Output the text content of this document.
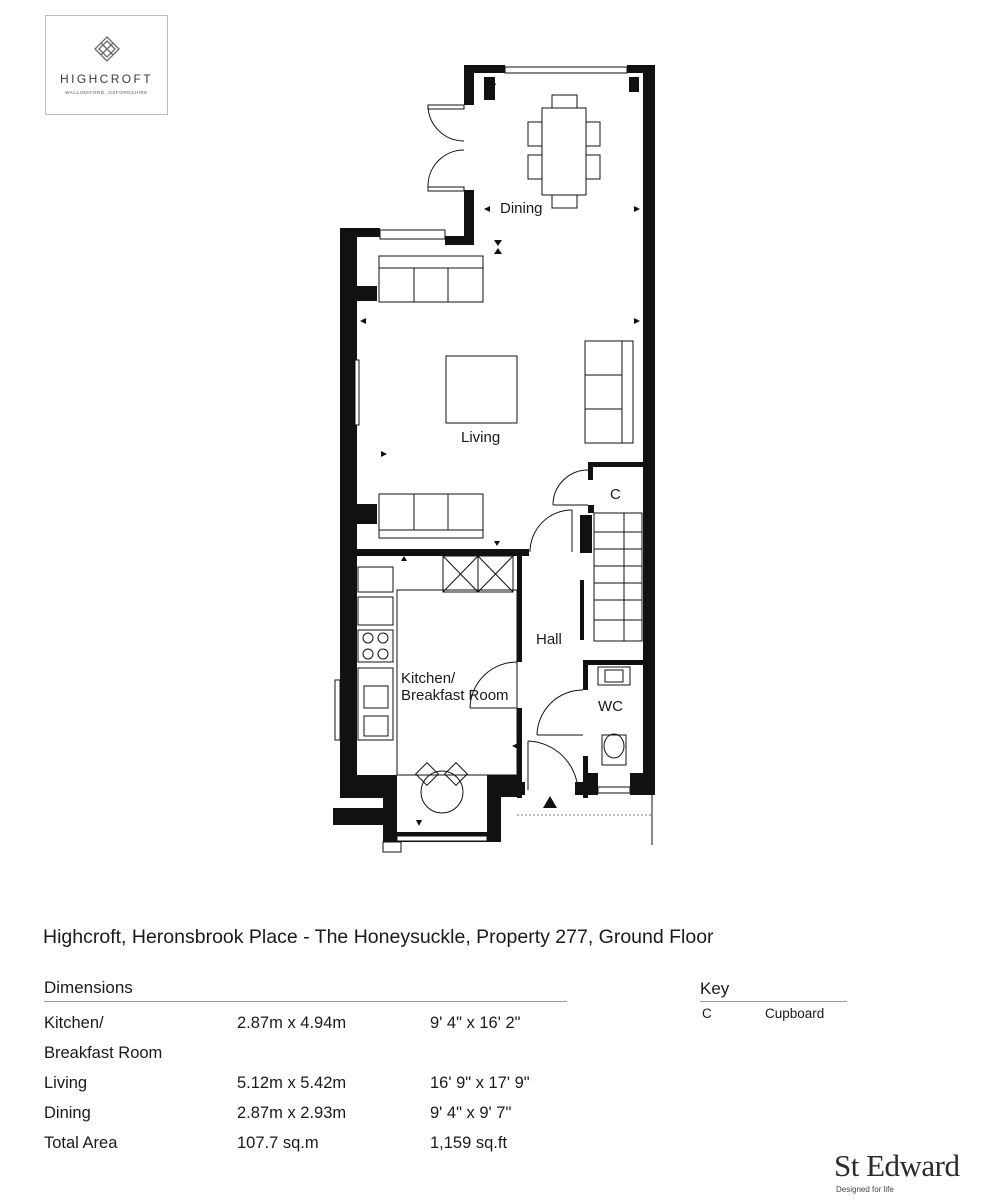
HIGHCROFT
WALLINGFORD, OXFORDSHIRE
Dining
Living
C
Hall
Kitchen/
Breakfast Room
WC
Highcroft, Heronsbrook Place - The Honeysuckle, Property 277, Ground Floor
Dimensions
Kitchen/	2.87m x 4.94m	9' 4" x 16' 2"
Breakfast Room		
Living	5.12m x 5.42m	16' 9" x 17' 9"
Dining	2.87m x 2.93m	9' 4" x 9' 7"
Total Area	107.7 sq.m	1,159 sq.ft
Key
C	Cupboard
St Edward
Designed for life
